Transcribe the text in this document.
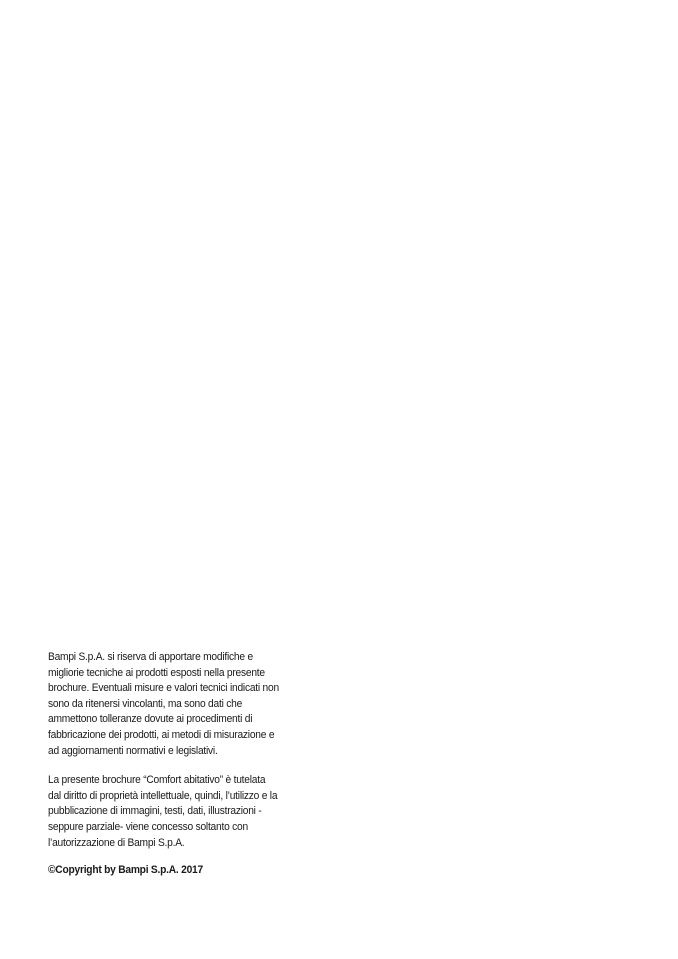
Bampi S.p.A. si riserva di apportare modifiche e
migliorie tecniche ai prodotti esposti nella presente
brochure. Eventuali misure e valori tecnici indicati non
sono da ritenersi vincolanti, ma sono dati che
ammettono tolleranze dovute ai procedimenti di
fabbricazione dei prodotti, ai metodi di misurazione e
ad aggiornamenti normativi e legislativi.

La presente brochure “Comfort abitativo” è tutelata
dal diritto di proprietà intellettuale, quindi, l’utilizzo e la
pubblicazione di immagini, testi, dati, illustrazioni -
seppure parziale- viene concesso soltanto con
l’autorizzazione di Bampi S.p.A.

©Copyright by Bampi S.p.A. 2017
